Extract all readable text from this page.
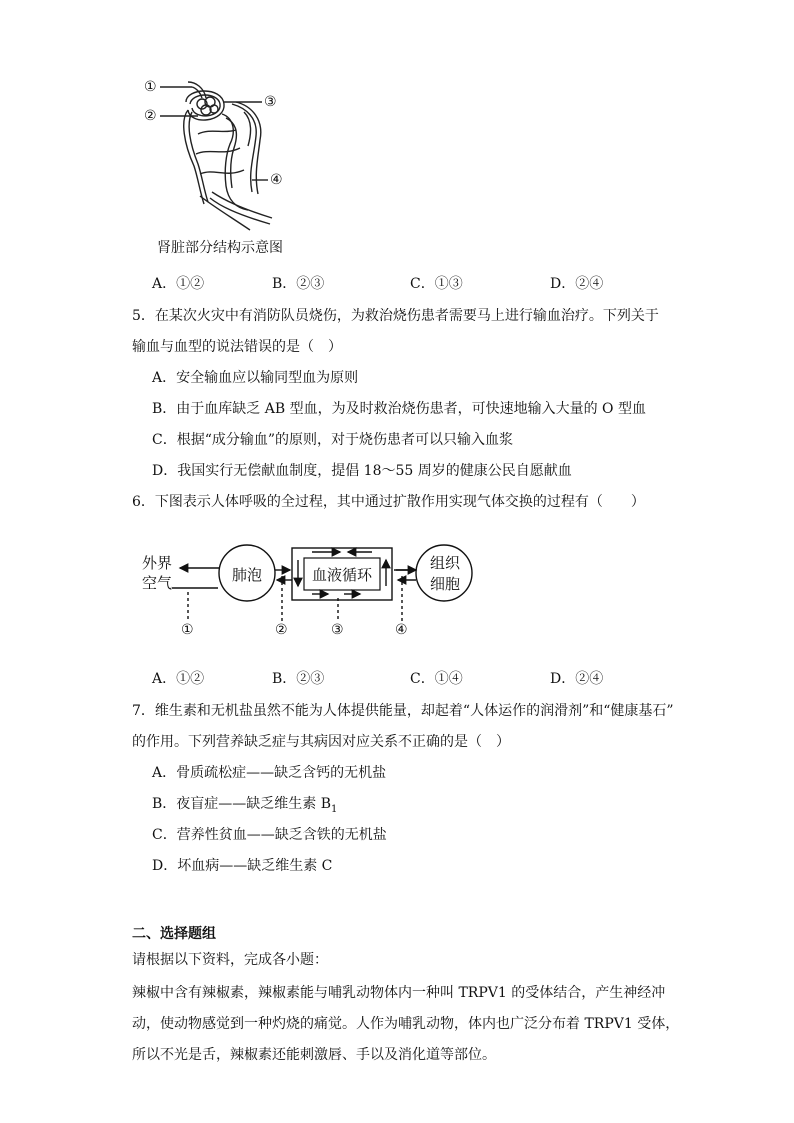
①
②
③
④
肾脏部分结构示意图
A．①②	B．②③	C．①③	D．②④
5．在某次火灾中有消防队员烧伤，为救治烧伤患者需要马上进行输血治疗。下列关于
输血与血型的说法错误的是（　）
A．安全输血应以输同型血为原则
B．由于血库缺乏 AB 型血，为及时救治烧伤患者，可快速地输入大量的 O 型血
C．根据“成分输血”的原则，对于烧伤患者可以只输入血浆
D．我国实行无偿献血制度，提倡 18～55 周岁的健康公民自愿献血
6．下图表示人体呼吸的全过程，其中通过扩散作用实现气体交换的过程有（　　）
外界
空气	肺泡	血液循环
组织
细胞
①	②	③	④
A．①②	B．②③	C．①④	D．②④
7．维生素和无机盐虽然不能为人体提供能量，却起着“人体运作的润滑剂”和“健康基石”
的作用。下列营养缺乏症与其病因对应关系不正确的是（　）
A．骨质疏松症——缺乏含钙的无机盐
B．夜盲症——缺乏维生素 $B_1$
C．营养性贫血——缺乏含铁的无机盐
D．坏血病——缺乏维生素 C
二、选择题组
请根据以下资料，完成各小题：
辣椒中含有辣椒素，辣椒素能与哺乳动物体内一种叫 TRPV1 的受体结合，产生神经冲
动，使动物感觉到一种灼烧的痛觉。人作为哺乳动物，体内也广泛分布着 TRPV1 受体，
所以不光是舌，辣椒素还能刺激唇、手以及消化道等部位。
